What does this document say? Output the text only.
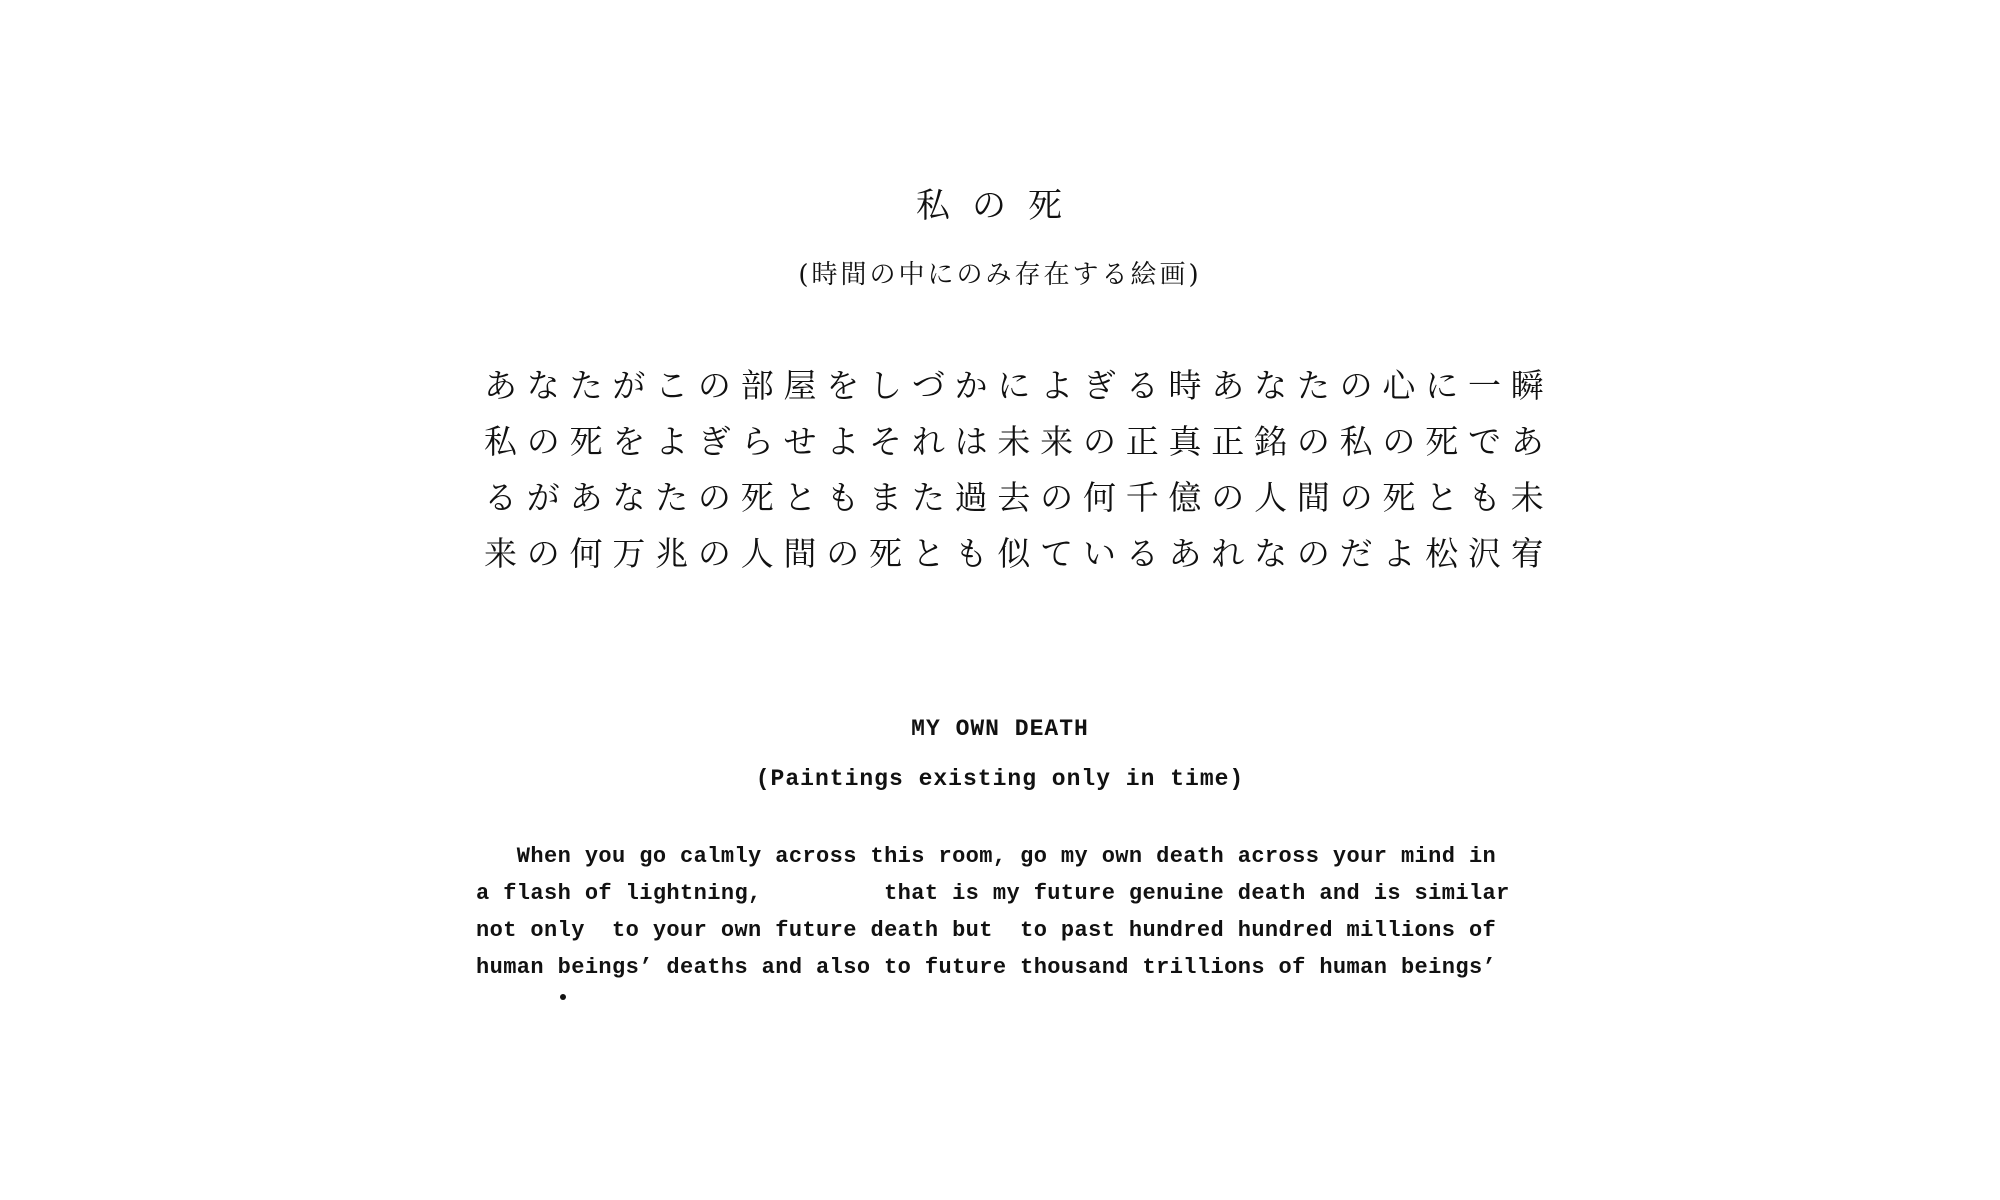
私の死
(時間の中にのみ存在する絵画)
あ な た が こ の 部 屋 を し づ か に よ ぎ る 時 あ な た の 心 に 一 瞬
私 の 死 を よ ぎ ら せ よ そ れ は 未 来 の 正 真 正 銘 の 私 の 死 で あ
る が あ な た の 死 と も ま た 過 去 の 何 千 億 の 人 間 の 死 と も 未
来 の 何 万 兆 の 人 間 の 死 と も 似 て い る あ れ な の だ よ 松 沢 宥
MY OWN DEATH
(Paintings existing only in time)
When you go calmly across this room, go my own death across your mind in
a flash of lightning,         that is my future genuine death and is similar
not only  to your own future death but  to past hundred hundred millions of
human beings’ deaths and also to future thousand trillions of human beings’
